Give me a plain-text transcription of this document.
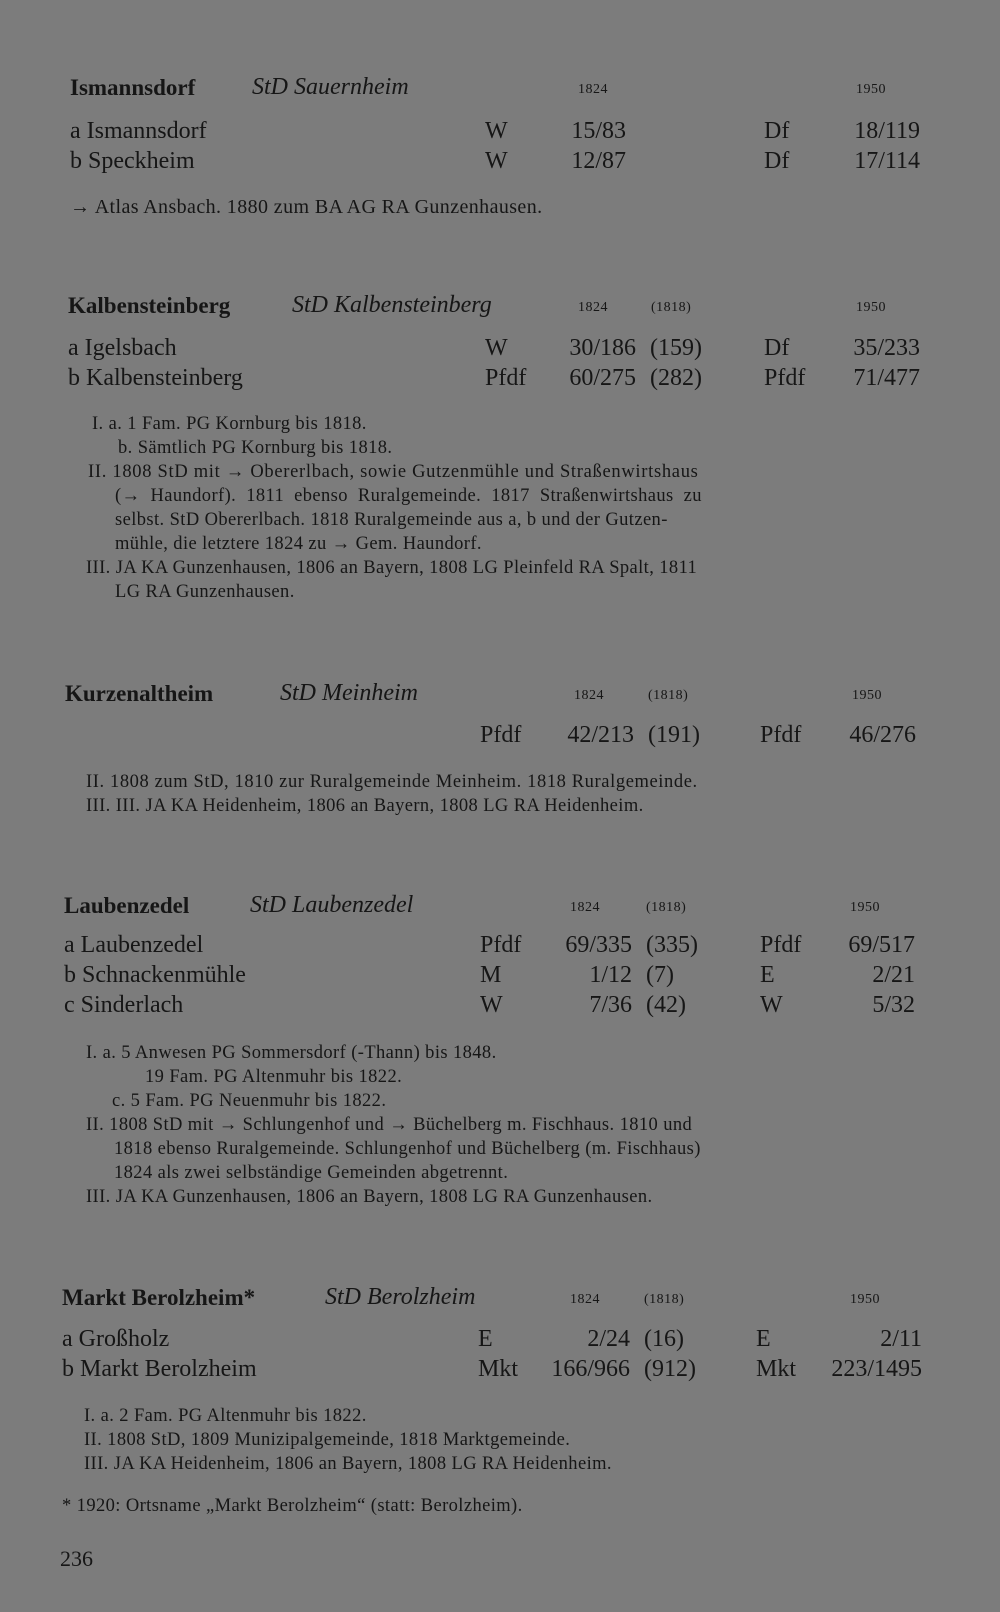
Ismannsdorf StD Sauernheim	1824	1950
a Ismannsdorf	W	15/83	Df	18/119
b Speckheim	W	12/87	Df	17/114
→ Atlas Ansbach. 1880 zum BA AG RA Gunzenhausen.
Kalbensteinberg	StD Kalbensteinberg	1824	(1818)	1950
a Igelsbach	W	30/186 (159)	Df	35/233
b Kalbensteinberg	Pfdf	60/275 (282)	Pfdf	71/477
I. a. 1 Fam. PG Kornburg bis 1818.
b. Sämtlich PG Kornburg bis 1818.
II. 1808 StD mit → Obererlbach, sowie Gutzenmühle und Straßenwirtshaus
(→ Haundorf). 1811 ebenso Ruralgemeinde. 1817 Straßenwirtshaus zu
selbst. StD Obererlbach. 1818 Ruralgemeinde aus a, b und der Gutzen-
mühle, die letztere 1824 zu → Gem. Haundorf.
III. JA KA Gunzenhausen, 1806 an Bayern, 1808 LG Pleinfeld RA Spalt, 1811
LG RA Gunzenhausen.
Kurzenaltheim	StD Meinheim	1824	(1818)	1950
Pfdf	42/213 (191)	Pfdf	46/276
II. 1808 zum StD, 1810 zur Ruralgemeinde Meinheim. 1818 Ruralgemeinde.
III. III. JA KA Heidenheim, 1806 an Bayern, 1808 LG RA Heidenheim.
Laubenzedel	StD Laubenzedel	1824	(1818)	1950
a Laubenzedel	Pfdf	69/335 (335)	Pfdf	69/517
b Schnackenmühle	M	1/12 (7)	E	2/21
c Sinderlach	W	7/36 (42)	W	5/32
I. a. 5 Anwesen PG Sommersdorf (-Thann) bis 1848.
19 Fam. PG Altenmuhr bis 1822.
c. 5 Fam. PG Neuenmuhr bis 1822.
II. 1808 StD mit → Schlungenhof und → Büchelberg m. Fischhaus. 1810 und
1818 ebenso Ruralgemeinde. Schlungenhof und Büchelberg (m. Fischhaus)
1824 als zwei selbständige Gemeinden abgetrennt.
III. JA KA Gunzenhausen, 1806 an Bayern, 1808 LG RA Gunzenhausen.
Markt Berolzheim*	StD Berolzheim	1824	(1818)	1950
a Großholz	E	2/24 (16)	E	2/11
b Markt Berolzheim	Mkt	166/966 (912)	Mkt	223/1495
I. a. 2 Fam. PG Altenmuhr bis 1822.
II. 1808 StD, 1809 Munizipalgemeinde, 1818 Marktgemeinde.
III. JA KA Heidenheim, 1806 an Bayern, 1808 LG RA Heidenheim.
* 1920: Ortsname „Markt Berolzheim“ (statt: Berolzheim).
236
